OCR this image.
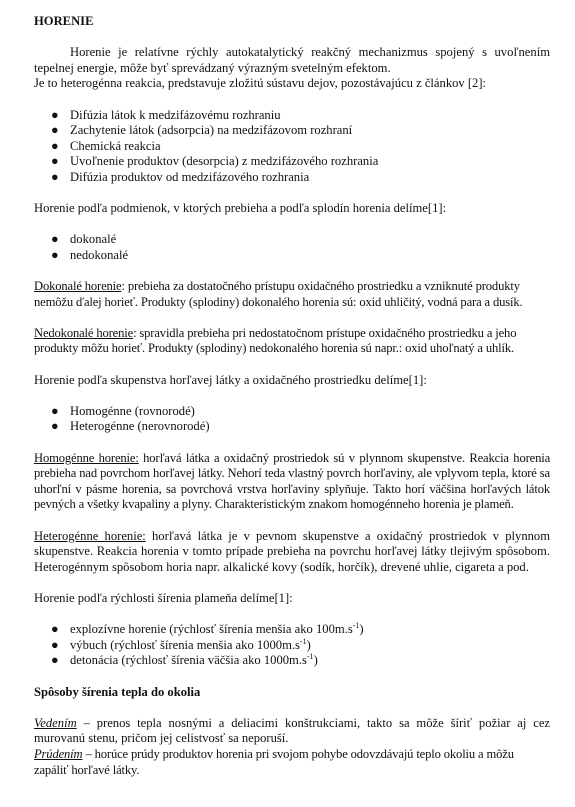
HORENIE

Horenie je relatívne rýchly autokatalytický reakčný mechanizmus spojený s uvoľnením tepelnej energie, môže byť sprevádzaný výrazným svetelným efektom.

Je to heterogénna reakcia, predstavuje zložitú sústavu dejov, pozostávajúcu z článkov [2]:

● Difúzia látok k medzifázovému rozhraniu
● Zachytenie látok (adsorpcia) na medzifázovom rozhraní
● Chemická reakcia
● Uvoľnenie produktov (desorpcia) z medzifázového rozhrania
● Difúzia produktov od medzifázového rozhrania

Horenie podľa podmienok, v ktorých prebieha a podľa splodín horenia delíme[1]:

● dokonalé
● nedokonalé

Dokonalé horenie: prebieha za dostatočného prístupu oxidačného prostriedku a vzniknuté produkty nemôžu ďalej horieť. Produkty (splodiny) dokonalého horenia sú: oxid uhličitý, vodná para a dusík.

Nedokonalé horenie: spravidla prebieha pri nedostatočnom prístupe oxidačného prostriedku a jeho produkty môžu horieť. Produkty (splodiny) nedokonalého horenia sú napr.: oxid uhoľnatý a uhlík.

Horenie podľa skupenstva horľavej látky a oxidačného prostriedku delíme[1]:

● Homogénne (rovnorodé)
● Heterogénne (nerovnorodé)

Homogénne horenie: horľavá látka a oxidačný prostriedok sú v plynnom skupenstve. Reakcia horenia prebieha nad povrchom horľavej látky. Nehorí teda vlastný povrch horľaviny, ale vplyvom tepla, ktoré sa uhorľní v pásme horenia, sa povrchová vrstva horľaviny splyňuje. Takto horí väčšina horľavých látok pevných a všetky kvapaliny a plyny. Charakteristickým znakom homogénneho horenia je plameň.

Heterogénne horenie: horľavá látka je v pevnom skupenstve a oxidačný prostriedok v plynnom skupenstve. Reakcia horenia v tomto prípade prebieha na povrchu horľavej látky tlejivým spôsobom. Heterogénnym spôsobom horia napr. alkalické kovy (sodík, horčík), drevené uhlie, cigareta a pod.

Horenie podľa rýchlosti šírenia plameňa delíme[1]:

● explozívne horenie (rýchlosť šírenia menšia ako $100m.s^{-1}$)
● výbuch (rýchlosť šírenia menšia ako $1000m.s^{-1}$)
● detonácia (rýchlosť šírenia väčšia ako $1000m.s^{-1}$)

Spôsoby šírenia tepla do okolia

Vedením – prenos tepla nosnými a deliacimi konštrukciami, takto sa môže šíriť požiar aj cez murovanú stenu, pričom jej celistvosť sa neporuší.

Prúdením – horúce prúdy produktov horenia pri svojom pohybe odovzdávajú teplo okoliu a môžu zapáliť horľavé látky.
